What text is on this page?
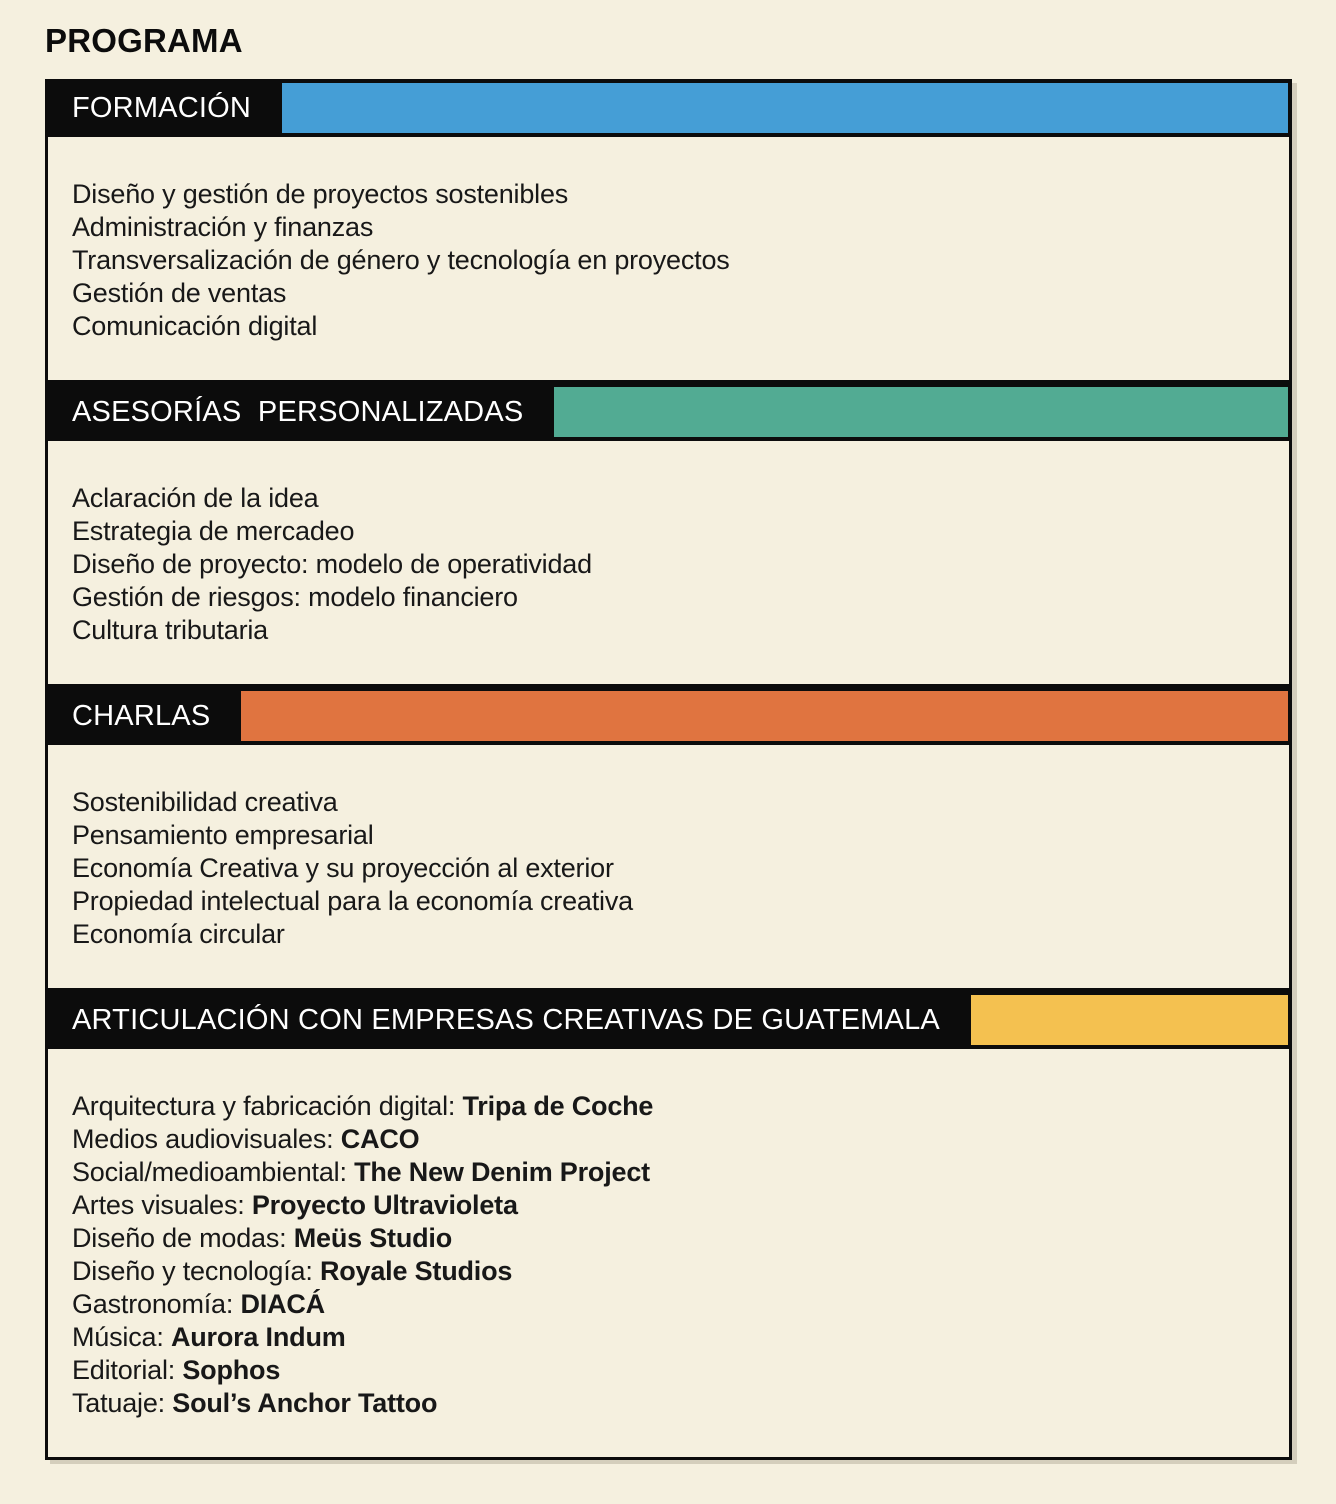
PROGRAMA
FORMACIÓN
Diseño y gestión de proyectos sostenibles
Administración y finanzas
Transversalización de género y tecnología en proyectos
Gestión de ventas
Comunicación digital
ASESORÍAS  PERSONALIZADAS
Aclaración de la idea
Estrategia de mercadeo
Diseño de proyecto: modelo de operatividad
Gestión de riesgos: modelo financiero
Cultura tributaria
CHARLAS
Sostenibilidad creativa
Pensamiento empresarial
Economía Creativa y su proyección al exterior
Propiedad intelectual para la economía creativa
Economía circular
ARTICULACIÓN CON EMPRESAS CREATIVAS DE GUATEMALA
Arquitectura y fabricación digital: Tripa de Coche
Medios audiovisuales: CACO
Social/medioambiental: The New Denim Project
Artes visuales: Proyecto Ultravioleta
Diseño de modas: Meüs Studio
Diseño y tecnología: Royale Studios
Gastronomía: DIACÁ
Música: Aurora Indum
Editorial: Sophos
Tatuaje: Soul’s Anchor Tattoo
